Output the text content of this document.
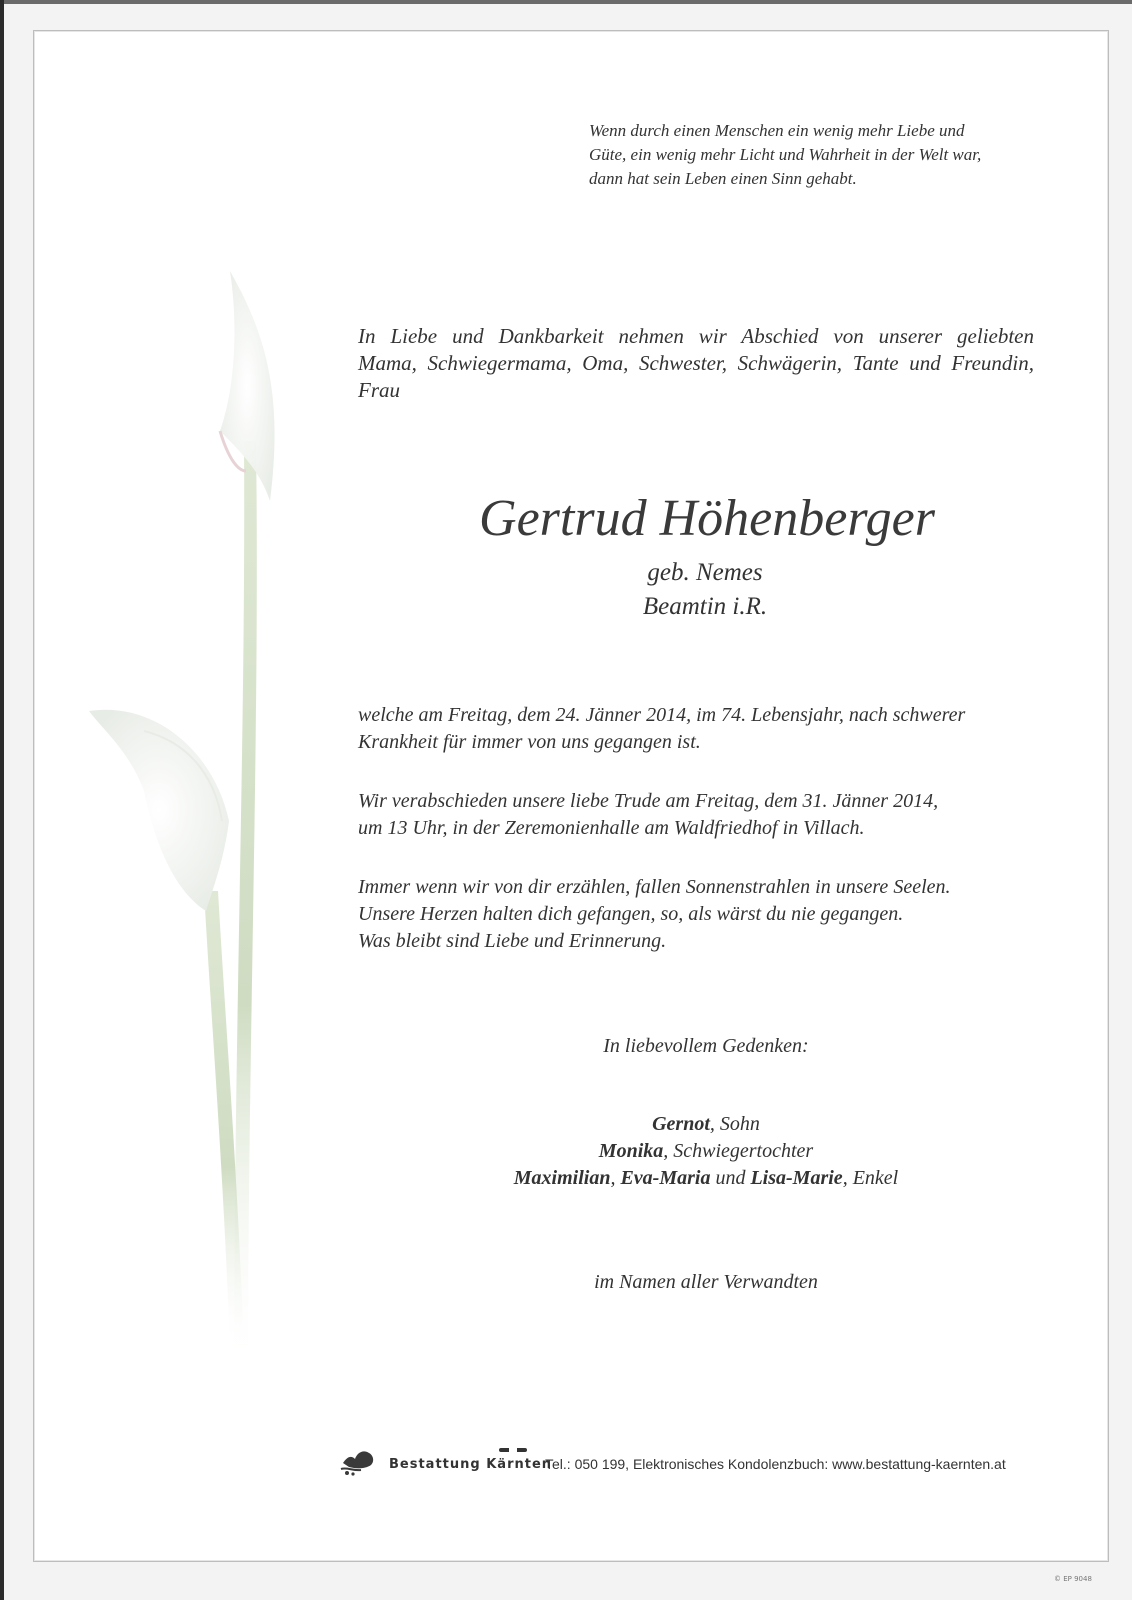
Wenn durch einen Menschen ein wenig mehr Liebe und
Güte, ein wenig mehr Licht und Wahrheit in der Welt war,
dann hat sein Leben einen Sinn gehabt.
In Liebe und Dankbarkeit nehmen wir Abschied von unserer geliebten
Mama, Schwiegermama, Oma, Schwester, Schwägerin, Tante und Freundin,
Frau
Gertrud Höhenberger
geb. Nemes
Beamtin i.R.
welche am Freitag, dem 24. Jänner 2014, im 74. Lebensjahr, nach schwerer
Krankheit für immer von uns gegangen ist.
Wir verabschieden unsere liebe Trude am Freitag, dem 31. Jänner 2014,
um 13 Uhr, in der Zeremonienhalle am Waldfriedhof in Villach.
Immer wenn wir von dir erzählen, fallen Sonnenstrahlen in unsere Seelen.
Unsere Herzen halten dich gefangen, so, als wärst du nie gegangen.
Was bleibt sind Liebe und Erinnerung.
In liebevollem Gedenken:
Gernot, Sohn
Monika, Schwiegertochter
Maximilian, Eva-Maria und Lisa-Marie, Enkel
im Namen aller Verwandten
Bestattung Kärnten
Tel.: 050 199, Elektronisches Kondolenzbuch: www.bestattung-kaernten.at
© EP 9048
